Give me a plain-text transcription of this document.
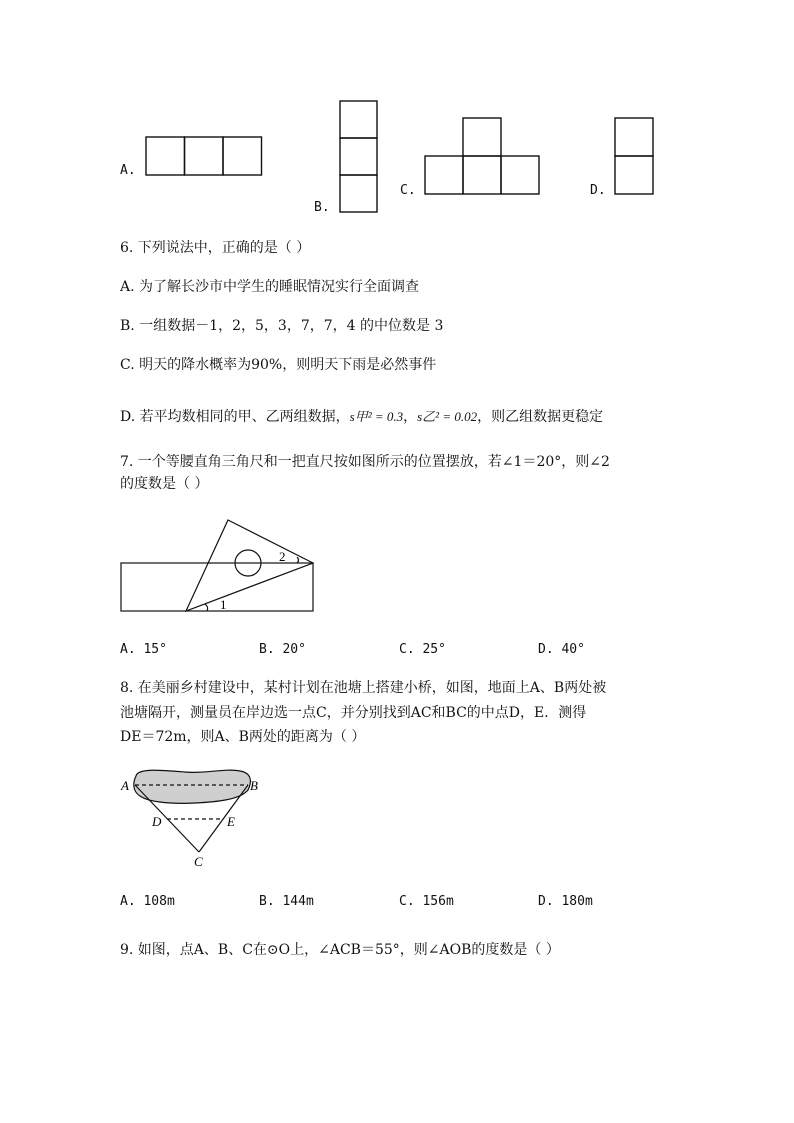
A.
B.
C.	D.
6. 下列说法中，正确的是（ ）
A. 为了解长沙市中学生的睡眠情况实行全面调查
B. 一组数据－1，2，5，3，7，7，4 的中位数是 3
C. 明天的降水概率为90%，则明天下雨是必然事件
D. 若平均数相同的甲、乙两组数据，s甲² = 0.3，s乙² = 0.02，则乙组数据更稳定
7. 一个等腰直角三角尺和一把直尺按如图所示的位置摆放，若∠1＝20°，则∠2
的度数是（ ）
1
2
A. 15°	B. 20°	C. 25°	D. 40°
8. 在美丽乡村建设中，某村计划在池塘上搭建小桥，如图，地面上A、B两处被
池塘隔开，测量员在岸边选一点C，并分别找到AC和BC的中点D，E．测得
DE＝72m，则A、B两处的距离为（ ）
A	B
C
D	E
A. 108m	B. 144m	C. 156m	D. 180m
9. 如图，点A、B、C在⊙O上，∠ACB＝55°，则∠AOB的度数是（ ）
